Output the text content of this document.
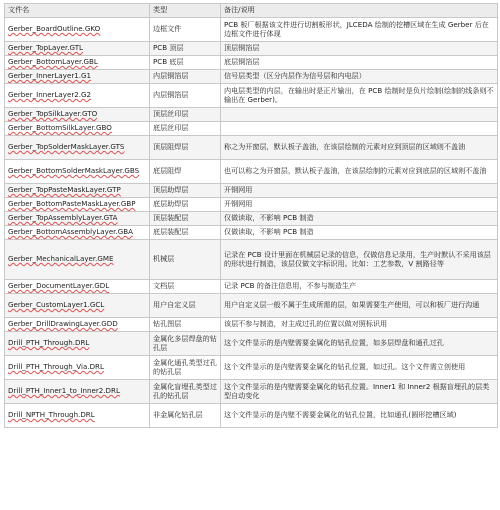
文件名	类型	备注/说明
Gerber_BoardOutline.GKO	边框文件	PCB 板厂根据该文件进行切割板形状，JLCEDA 绘制的挖槽区域在生成 Gerber 后在边框文件进行体现
Gerber_TopLayer.GTL	PCB 顶层	顶层铜箔层
Gerber_BottomLayer.GBL	PCB 底层	底层铜箔层
Gerber_InnerLayer1.G1	内层铜箔层	信号层类型（区分内层作为信号层和内电层）
Gerber_InnerLayer2.G2	内层铜箔层	内电层类型的内层，在输出时是正片输出，在 PCB 绘制时是负片绘制(绘制的线条则不输出在 Gerber)。
Gerber_TopSilkLayer.GTO	顶层丝印层	
Gerber_BottomSilkLayer.GBO	底层丝印层	
Gerber_TopSolderMaskLayer.GTS	顶层阻焊层	称之为开窗层，默认板子盖油，在该层绘制的元素对应到顶层的区域则不盖油
Gerber_BottomSolderMaskLayer.GBS	底层阻焊	也可以称之为开窗层，默认板子盖油，在该层绘制的元素对应到底层的区域则不盖油
Gerber_TopPasteMaskLayer.GTP	顶层助焊层	开钢网用
Gerber_BottomPasteMaskLayer.GBP	底层助焊层	开钢网用
Gerber_TopAssemblyLayer.GTA	顶层装配层	仅做读取，不影响 PCB 制造
Gerber_BottomAssemblyLayer.GBA	底层装配层	仅做读取，不影响 PCB 制造
Gerber_MechanicalLayer.GME	机械层	记录在 PCB 设计里面在机械层记录的信息，仅做信息记录用，生产时默认不采用该层的形状进行制造，该层仅做文字标识用。比如：工艺参数，V 割路径等
Gerber_DocumentLayer.GDL	文档层	记录 PCB 的备注信息用，不参与制造生产
Gerber_CustomLayer1.GCL	用户自定义层	用户自定义层一般不属于生成所需的层，如果需要生产使用，可以和板厂进行沟通
Gerber_DrillDrawingLayer.GDD	钻孔图层	该层不参与制造，对主成过孔的位置以做对照标识用
Drill_PTH_Through.DRL	金属化多层焊盘的钻孔层	这个文件显示的是内壁需要金属化的钻孔位置，如多层焊盘和通孔过孔
Drill_PTH_Through_Via.DRL	金属化通孔类型过孔的钻孔层	这个文件显示的是内壁需要金属化的钻孔位置，如过孔。这个文件需立创使用
Drill_PTH_Inner1_to_Inner2.DRL	金属化盲埋孔类型过孔的钻孔层	这个文件显示的是内壁需要金属化的钻孔位置。Inner1 和 Inner2 根据盲埋孔的层类型自动变化
Drill_NPTH_Through.DRL	非金属化钻孔层	这个文件显示的是内壁不需要金属化的钻孔位置，比如通孔(圆形挖槽区域)
